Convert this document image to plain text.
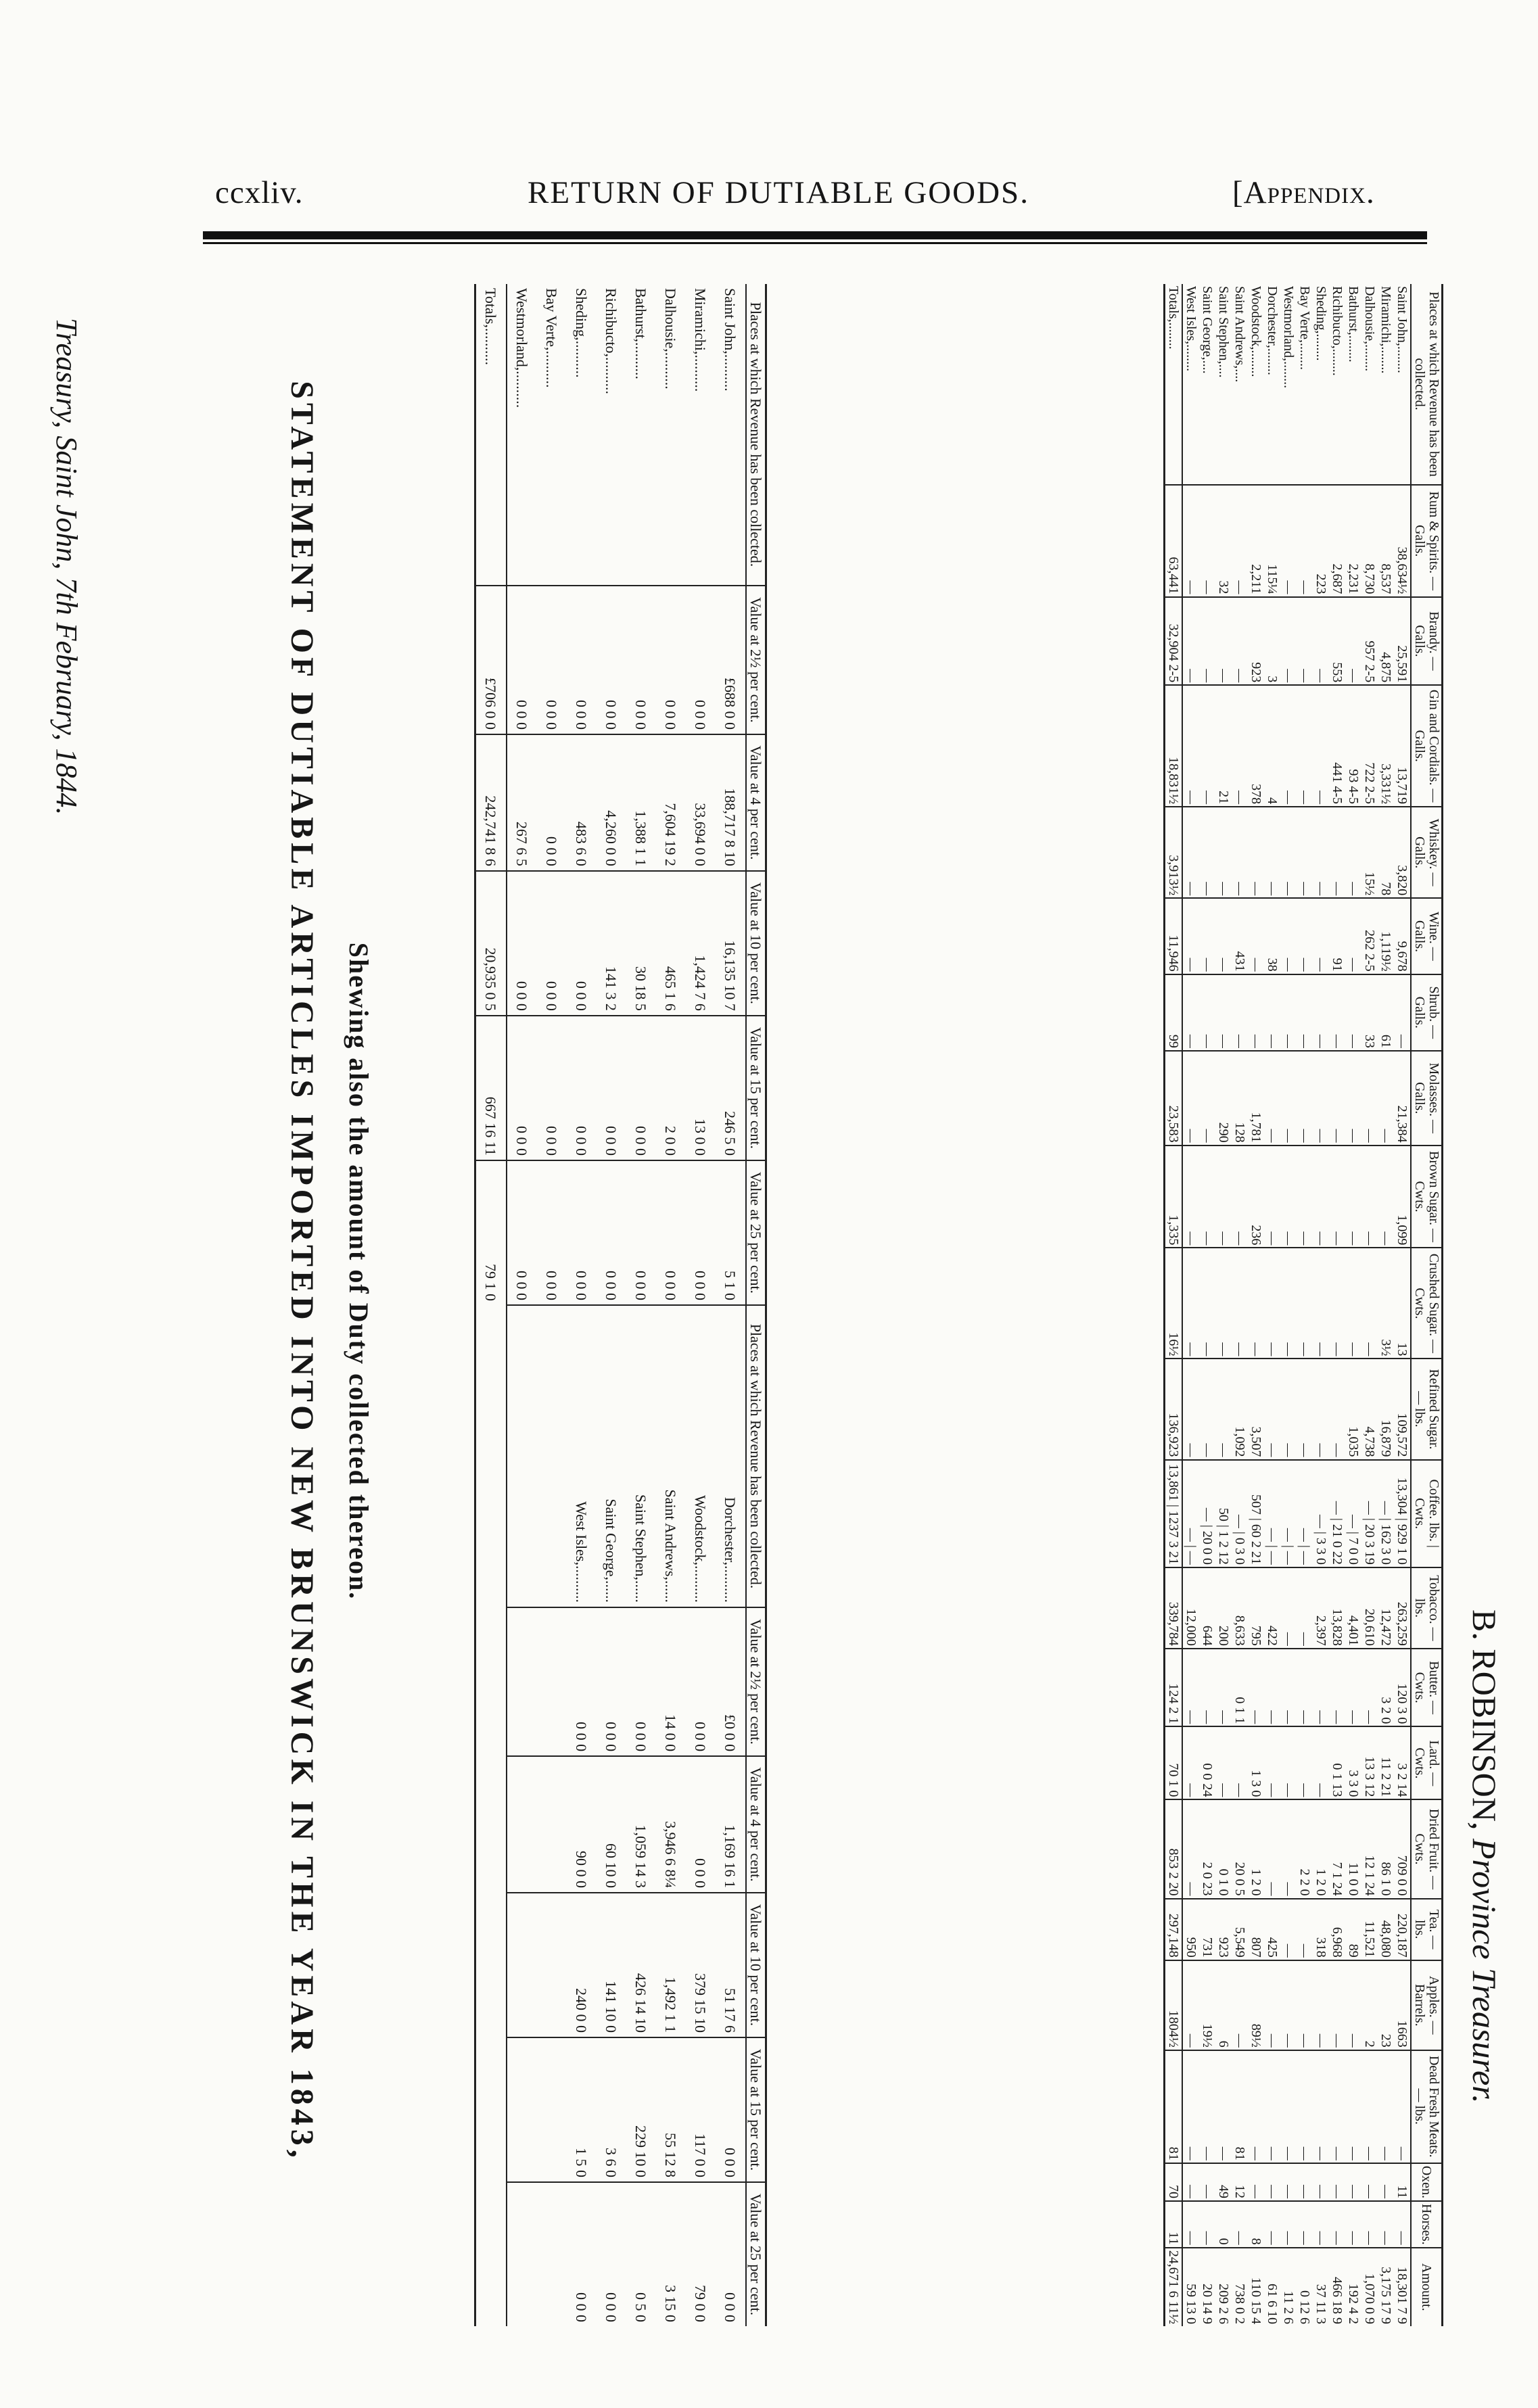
ccxliv.	RETURN OF DUTIABLE GOODS.	[Appendix.
STATEMENT OF DUTIABLE ARTICLES IMPORTED INTO NEW BRUNSWICK IN THE YEAR 1843, Shewing also the amount of Duty collected thereon.
Places at which Revenue has been collected.	Value at 2½ per cent.	Value at 4 per cent.	Value at 10 per cent.	Value at 15 per cent.	Value at 25 per cent.	Places at which Revenue has been collected.	Value at 2½ per cent.	Value at 4 per cent.	Value at 10 per cent.	Value at 15 per cent.	Value at 25 per cent.
Saint John,..........	£688 0 0	188,717 8 10	16,135 10 7	246 5 0	5 1 0	Dorchester,..........	£0 0 0	1,169 16 1	51 17 6	0 0 0	0 0 0
Miramichi,..........	0 0 0	33,694 0 0	1,424 7 6	13 0 0	0 0 0	Woodstock,..........	0 0 0	0 0 0	379 15 10	117 0 0	79 0 0
Dalhousie,..........	0 0 0	7,604 19 2	465 1 6	2 0 0	0 0 0	Saint Andrews,......	14 0 0	3,946 6 8¼	1,492 1 1	55 12 8	3 15 0
Bathurst,..........	0 0 0	1,388 1 1	30 18 5	0 0 0	0 0 0	Saint Stephen,......	0 0 0	1,059 14 3	426 14 10	229 10 0	0 5 0
Richibucto,..........	0 0 0	4,260 0 0	141 3 2	0 0 0	0 0 0	Saint George,......	0 0 0	60 10 0	141 10 0	3 6 0	0 0 0
Sheding,..........	0 0 0	483 6 0	0 0 0	0 0 0	0 0 0	West Isles,..........	0 0 0	90 0 0	240 0 0	1 5 0	0 0 0
Bay Verte,..........	0 0 0	0 0 0	0 0 0	0 0 0	0 0 0						
Westmorland,..........	0 0 0	267 6 5	0 0 0	0 0 0	0 0 0						
Totals,..........	£706 0 0	242,741 8 6	20,935 0 5	667 16 11	79 1 0						
Places at which Revenue has been collected.	Rum & Spirits. — Galls.	Brandy. — Galls.	Gin and Cordials. — Galls.	Whiskey. — Galls.	Wine. — Galls.	Shrub. — Galls.	Molasses. — Galls.	Brown Sugar. — Cwts.	Crushed Sugar. — Cwts.	Refined Sugar. — lbs.	Coffee. lbs. | Cwts.	Tobacco. — lbs.	Butter. — Cwts.	Lard. — Cwts.	Dried Fruit. — Cwts.	Tea. — lbs.	Apples. — Barrels.	Dead Fresh Meats. — lbs.	Oxen.	Horses.	Amount.
Saint John,........	38,634½	25,591	13,719	3,820	9,678	—	21,384	1,099	13	109,572	13,304 | 929 1 0	263,259	120 3 0	3 2 14	709 0 0	220,187	1663	—	11	—	18,301 7 9
Miramichi,........	8,537	4,875	3,331½	78	1,119½	61	—	—	3½	16,879	— | 162 3 0	12,472	3 2 0	11 2 21	86 1 0	48,080	23	—	—	—	3,175 17 9
Dalhousie,........	8,730	957 2-5	722 2-5	15½	262 2-5	33	—	—	—	4,738	— | 20 3 19	20,610	—	13 3 12	12 1 24	11,521	2	—	—	—	1,070 0 9
Bathurst,........	2,231	—	93 4-5	—	—	—	—	—	—	1,035	— | 7 0 0	4,401	—	3 3 0	11 0 0	89	—	—	—	—	192 4 2
Richibucto,........	2,687	553	441 4-5	—	91	—	—	—	—	—	— | 21 0 22	13,828	—	0 1 13	7 1 24	6,968	—	—	—	—	466 18 9
Sheding,........	223	—	—	—	—	—	—	—	—	—	— | 3 3 0	2,397	—	—	1 2 0	318	—	—	—	—	37 11 3
Bay Verte,........	—	—	—	—	—	—	—	—	—	—	— | —	—	—	—	2 2 0	—	—	—	—	—	0 12 6
Westmorland,........	—	—	—	—	—	—	—	—	—	—	— | —	—	—	—	—	—	—	—	—	—	11 2 6
Dorchester,........	115¼	3	4	—	38	—	—	—	—	—	— | —	422	—	—	—	425	—	—	—	—	61 6 10
Woodstock,........	2,211	923	378	—	—	—	1,781	236	—	3,507	507 | 60 2 21	795	—	1 3 0	1 2 0	807	89½	—	—	8	110 15 4
Saint Andrews,....	—	—	—	—	431	—	128	—	—	1,092	— | 0 3 0	8,633	0 1 1	—	20 0 5	5,549	—	81	12	—	738 0 2
Saint Stephen,....	32	—	21	—	—	—	290	—	—	—	50 | 1 2 12	200	—	—	0 1 0	923	6	—	49	0	209 2 6
Saint George,....	—	—	—	—	—	—	—	—	—	—	— | 20 0 0	644	—	0 0 24	2 0 23	731	19½	—	—	—	20 14 9
West Isles,........	—	—	—	—	—	—	—	—	—	—	— | —	12,000	—	—	—	950	—	—	—	—	59 13 0
Totals,........	63,441	32,904 2-5	18,831½	3,913½	11,946	99	23,583	1,335	16½	136,923	13,861 | 1237 3 21	339,784	124 2 1	70 1 0	853 2 20	297,148	1804½	81	70	11	24,671 6 11½
Treasury, Saint John, 7th February, 1844.
B. ROBINSON, Province Treasurer.
